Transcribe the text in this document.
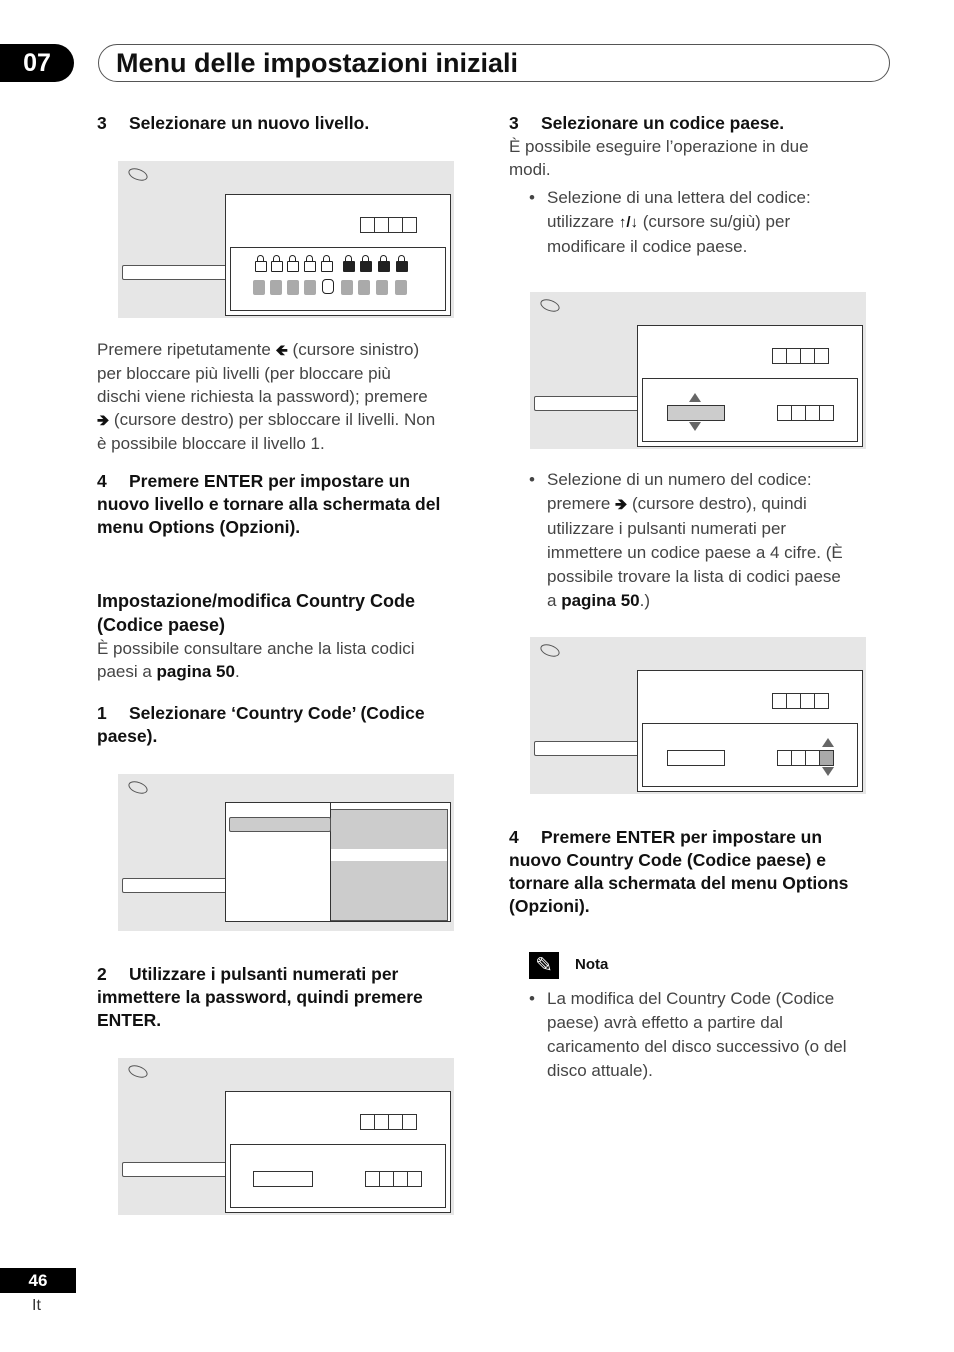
07	Menu delle impostazioni iniziali
3 Selezionare un nuovo livello.
Premere ripetutamente 🡸 (cursore sinistro)
per bloccare più livelli (per bloccare più
dischi viene richiesta la password); premere
🡺 (cursore destro) per sbloccare il livelli. Non
è possibile bloccare il livello 1.
4 Premere ENTER per impostare un
nuovo livello e tornare alla schermata del
menu Options (Opzioni).
Impostazione/modifica Country Code
(Codice paese)
È possibile consultare anche la lista codici
paesi a pagina 50.
1 Selezionare ‘Country Code’ (Codice
paese).
2 Utilizzare i pulsanti numerati per
immettere la password, quindi premere
ENTER.
3 Selezionare un codice paese.
È possibile eseguire l’operazione in due
modi.
• Selezione di una lettera del codice:
utilizzare ↑/↓ (cursore su/giù) per
modificare il codice paese.
• Selezione di un numero del codice:
premere 🡺 (cursore destro), quindi
utilizzare i pulsanti numerati per
immettere un codice paese a 4 cifre. (È
possibile trovare la lista di codici paese
a pagina 50.)
4 Premere ENTER per impostare un
nuovo Country Code (Codice paese) e
tornare alla schermata del menu Options
(Opzioni).
✎	Nota
• La modifica del Country Code (Codice
paese) avrà effetto a partire dal
caricamento del disco successivo (o del
disco attuale).
46
It
